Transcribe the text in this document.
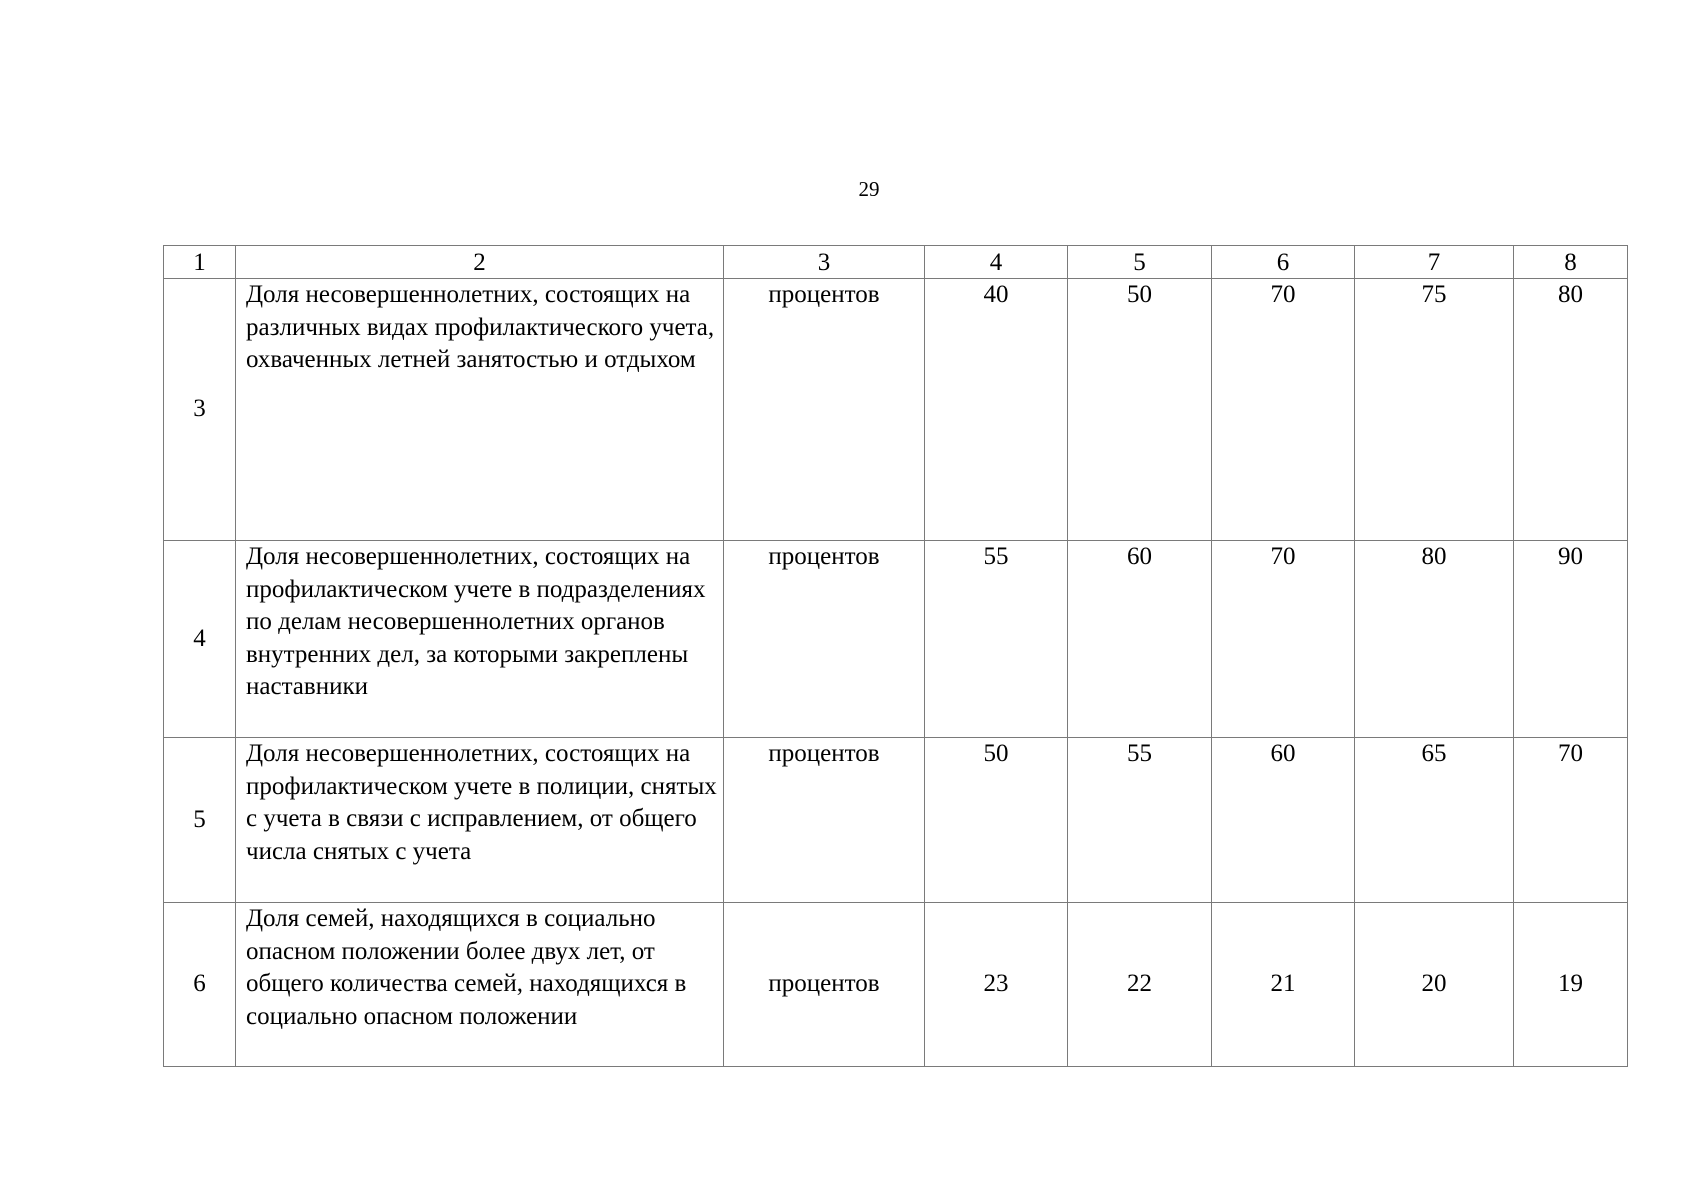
29
1	2	3	4	5	6	7	8
3	Доля несовершеннолетних, состоящих на различных видах профилактического учета, охваченных летней занятостью и отдыхом	процентов	40	50	70	75	80
4	Доля несовершеннолетних, состоящих на профилактическом учете в подразделениях по делам несовершеннолетних органов внутренних дел, за которыми закреплены наставники	процентов	55	60	70	80	90
5	Доля несовершеннолетних, состоящих на профилактическом учете в полиции, снятых с учета в связи с исправлением, от общего числа снятых с учета	процентов	50	55	60	65	70
6	Доля семей, находящихся в социально опасном положении более двух лет, от общего количества семей, находящихся в социально опасном положении	процентов	23	22	21	20	19
